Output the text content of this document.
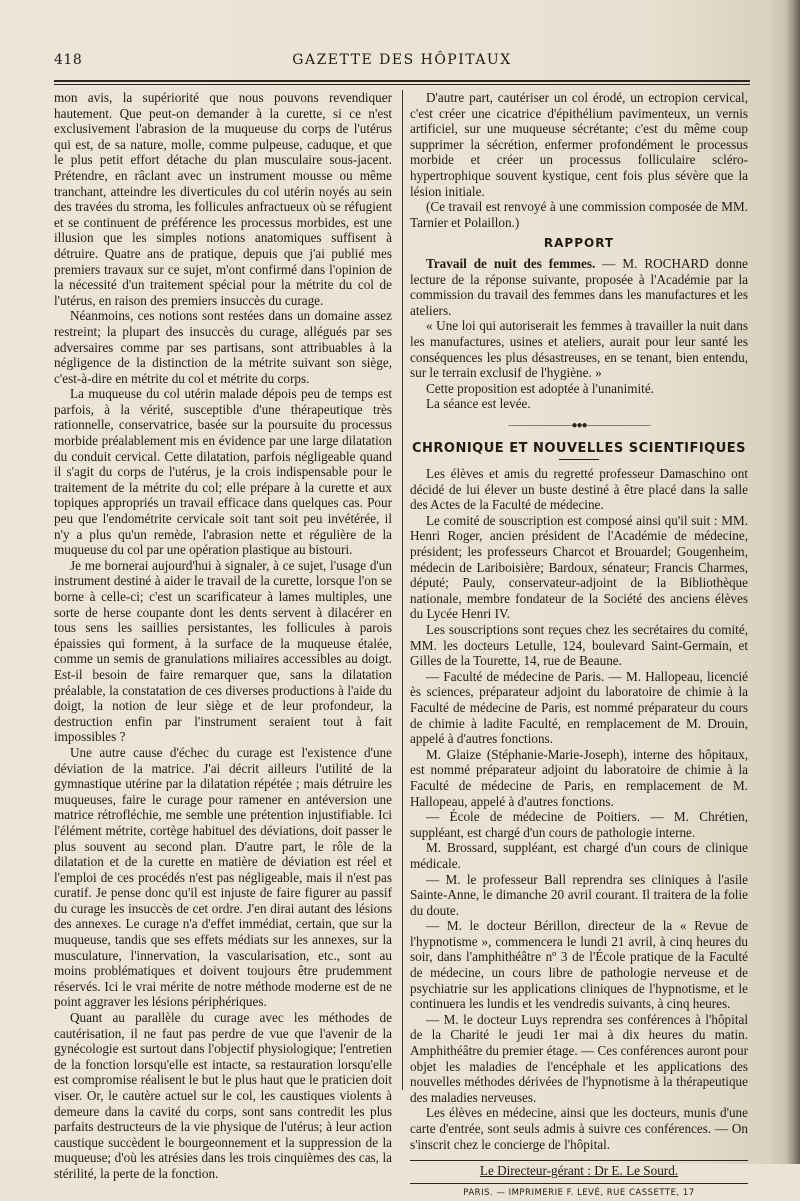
418	GAZETTE DES HÔPITAUX

mon avis, la supériorité que nous pouvons revendiquer hautement. Que peut-on demander à la curette, si ce n'est exclusivement l'abrasion de la muqueuse du corps de l'utérus qui est, de sa nature, molle, comme pulpeuse, caduque, et que le plus petit effort détache du plan musculaire sous-jacent. Prétendre, en râclant avec un instrument mousse ou même tranchant, atteindre les diverticules du col utérin noyés au sein des travées du stroma, les follicules anfractueux où se réfugient et se continuent de préférence les processus morbides, est une illusion que les simples notions anatomiques suffisent à détruire. Quatre ans de pratique, depuis que j'ai publié mes premiers travaux sur ce sujet, m'ont confirmé dans l'opinion de la nécessité d'un traitement spécial pour la métrite du col de l'utérus, en raison des premiers insuccès du curage.

Néanmoins, ces notions sont restées dans un domaine assez restreint; la plupart des insuccès du curage, allégués par ses adversaires comme par ses partisans, sont attribuables à la négligence de la distinction de la métrite suivant son siège, c'est-à-dire en métrite du col et métrite du corps.

La muqueuse du col utérin malade dépois peu de temps est parfois, à la vérité, susceptible d'une thérapeutique très rationnelle, conservatrice, basée sur la poursuite du processus morbide préalablement mis en évidence par une large dilatation du conduit cervical. Cette dilatation, parfois négligeable quand il s'agit du corps de l'utérus, je la crois indispensable pour le traitement de la métrite du col; elle prépare à la curette et aux topiques appropriés un travail efficace dans quelques cas. Pour peu que l'endométrite cervicale soit tant soit peu invétérée, il n'y a plus qu'un remède, l'abrasion nette et régulière de la muqueuse du col par une opération plastique au bistouri.

Je me bornerai aujourd'hui à signaler, à ce sujet, l'usage d'un instrument destiné à aider le travail de la curette, lorsque l'on se borne à celle-ci; c'est un scarificateur à lames multiples, une sorte de herse coupante dont les dents servent à dilacérer en tous sens les saillies persistantes, les follicules à parois épaissies qui forment, à la surface de la muqueuse étalée, comme un semis de granulations miliaires accessibles au doigt. Est-il besoin de faire remarquer que, sans la dilatation préalable, la constatation de ces diverses productions à l'aide du doigt, la notion de leur siège et de leur profondeur, la destruction enfin par l'instrument seraient tout à fait impossibles ?

Une autre cause d'échec du curage est l'existence d'une déviation de la matrice. J'ai décrit ailleurs l'utilité de la gymnastique utérine par la dilatation répétée ; mais détruire les muqueuses, faire le curage pour ramener en antéversion une matrice rétrofléchie, me semble une prétention injustifiable. Ici l'élément métrite, cortège habituel des déviations, doit passer le plus souvent au second plan. D'autre part, le rôle de la dilatation et de la curette en matière de déviation est réel et l'emploi de ces procédés n'est pas négligeable, mais il n'est pas curatif. Je pense donc qu'il est injuste de faire figurer au passif du curage les insuccès de cet ordre. J'en dirai autant des lésions des annexes. Le curage n'a d'effet immédiat, certain, que sur la muqueuse, tandis que ses effets médiats sur les annexes, sur la musculature, l'innervation, la vascularisation, etc., sont au moins problématiques et doivent toujours être prudemment réservés. Ici le vrai mérite de notre méthode moderne est de ne point aggraver les lésions périphériques.

Quant au parallèle du curage avec les méthodes de cautérisation, il ne faut pas perdre de vue que l'avenir de la gynécologie est surtout dans l'objectif physiologique; l'entretien de la fonction lorsqu'elle est intacte, sa restauration lorsqu'elle est compromise réalisent le but le plus haut que le praticien doit viser. Or, le cautère actuel sur le col, les caustiques violents à demeure dans la cavité du corps, sont sans contredit les plus parfaits destructeurs de la vie physique de l'utérus; à leur action caustique succèdent le bourgeonnement et la suppression de la muqueuse; d'où les atrésies dans les trois cinquièmes des cas, la stérilité, la perte de la fonction.

D'autre part, cautériser un col érodé, un ectropion cervical, c'est créer une cicatrice d'épithélium pavimenteux, un vernis artificiel, sur une muqueuse sécrétante; c'est du même coup supprimer la sécrétion, enfermer profondément le processus morbide et créer un processus folliculaire scléro-hypertrophique souvent kystique, cent fois plus sévère que la lésion initiale.

(Ce travail est renvoyé à une commission composée de MM. Tarnier et Polaillon.)

RAPPORT

Travail de nuit des femmes. — M. ROCHARD donne lecture de la réponse suivante, proposée à l'Académie par la commission du travail des femmes dans les manufactures et les ateliers.

« Une loi qui autoriserait les femmes à travailler la nuit dans les manufactures, usines et ateliers, aurait pour leur santé les conséquences les plus désastreuses, en se tenant, bien entendu, sur le terrain exclusif de l'hygiène. »

Cette proposition est adoptée à l'unanimité.

La séance est levée.

———————●●●———————
CHRONIQUE ET NOUVELLES SCIENTIFIQUES

Les élèves et amis du regretté professeur Damaschino ont décidé de lui élever un buste destiné à être placé dans la salle des Actes de la Faculté de médecine.

Le comité de souscription est composé ainsi qu'il suit : MM. Henri Roger, ancien président de l'Académie de médecine, président; les professeurs Charcot et Brouardel; Gougenheim, médecin de Lariboisière; Bardoux, sénateur; Francis Charmes, député; Pauly, conservateur-adjoint de la Bibliothèque nationale, membre fondateur de la Société des anciens élèves du Lycée Henri IV.

Les souscriptions sont reçues chez les secrétaires du comité, MM. les docteurs Letulle, 124, boulevard Saint-Germain, et Gilles de la Tourette, 14, rue de Beaune.

— Faculté de médecine de Paris. — M. Hallopeau, licencié ès sciences, préparateur adjoint du laboratoire de chimie à la Faculté de médecine de Paris, est nommé préparateur du cours de chimie à ladite Faculté, en remplacement de M. Drouin, appelé à d'autres fonctions.

M. Glaize (Stéphanie-Marie-Joseph), interne des hôpitaux, est nommé préparateur adjoint du laboratoire de chimie à la Faculté de médecine de Paris, en remplacement de M. Hallopeau, appelé à d'autres fonctions.

— École de médecine de Poitiers. — M. Chrétien, suppléant, est chargé d'un cours de pathologie interne.

M. Brossard, suppléant, est chargé d'un cours de clinique médicale.

— M. le professeur Ball reprendra ses cliniques à l'asile Sainte-Anne, le dimanche 20 avril courant. Il traitera de la folie du doute.

— M. le docteur Bérillon, directeur de la « Revue de l'hypnotisme », commencera le lundi 21 avril, à cinq heures du soir, dans l'amphithéâtre nº 3 de l'École pratique de la Faculté de médecine, un cours libre de pathologie nerveuse et de psychiatrie sur les applications cliniques de l'hypnotisme, et le continuera les lundis et les vendredis suivants, à cinq heures.

— M. le docteur Luys reprendra ses conférences à l'hôpital de la Charité le jeudi 1er mai à dix heures du matin. Amphithéâtre du premier étage. — Ces conférences auront pour objet les maladies de l'encéphale et les applications des nouvelles méthodes dérivées de l'hypnotisme à la thérapeutique des maladies nerveuses.

Les élèves en médecine, ainsi que les docteurs, munis d'une carte d'entrée, sont seuls admis à suivre ces conférences. — On s'inscrit chez le concierge de l'hôpital.

Le Directeur-gérant : Dr E. Le Sourd.
PARIS. — IMPRIMERIE F. LEVÉ, RUE CASSETTE, 17
